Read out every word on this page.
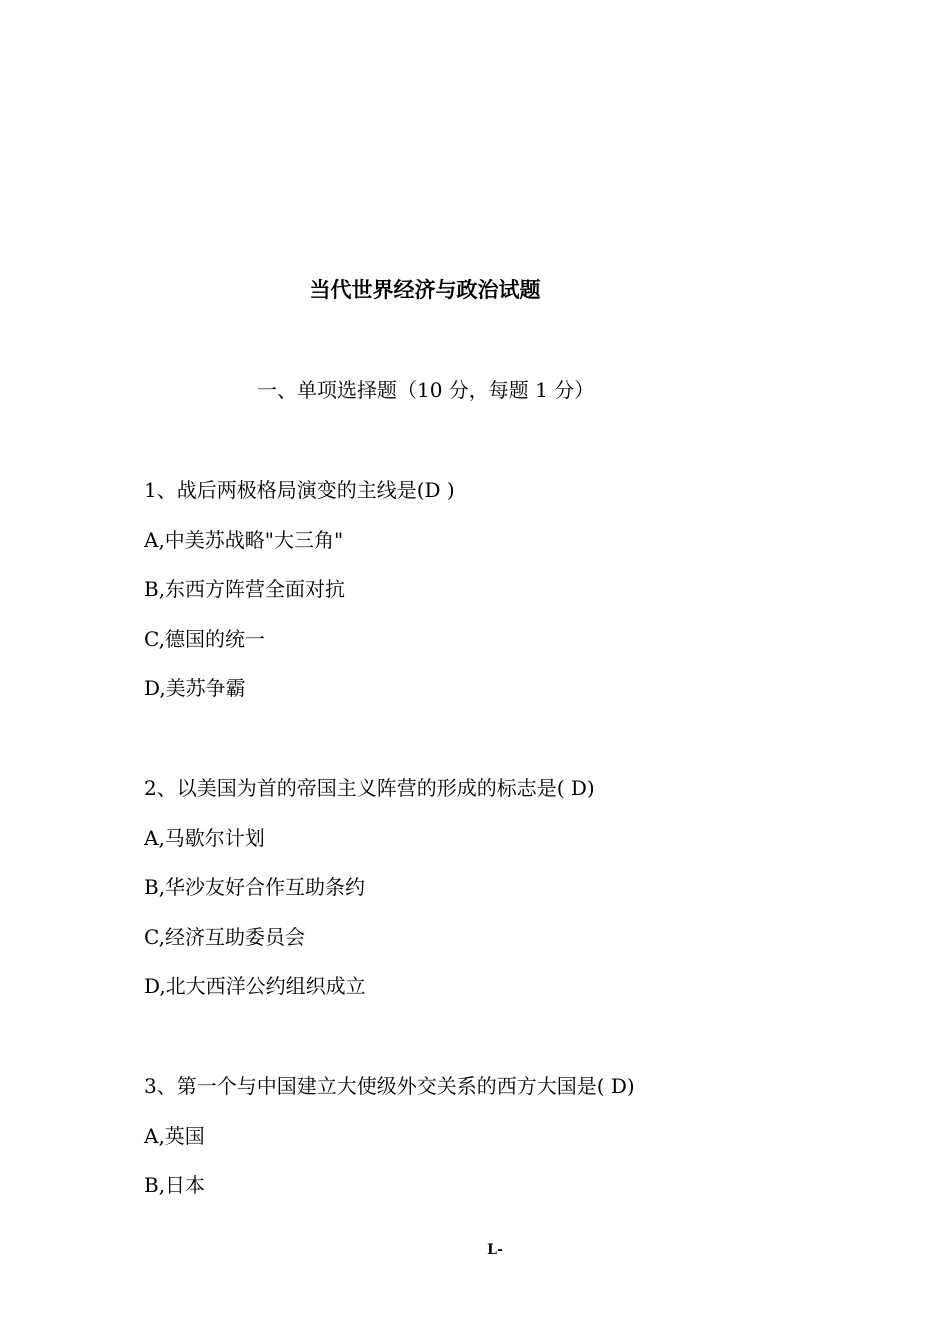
当代世界经济与政治试题
一、单项选择题（10 分，每题 1 分）
1、战后两极格局演变的主线是(D )
A,中美苏战略"大三角"
B,东西方阵营全面对抗
C,德国的统一
D,美苏争霸
2、以美国为首的帝国主义阵营的形成的标志是( D)
A,马歇尔计划
B,华沙友好合作互助条约
C,经济互助委员会
D,北大西洋公约组织成立
3、第一个与中国建立大使级外交关系的西方大国是( D)
A,英国
B,日本
L-
